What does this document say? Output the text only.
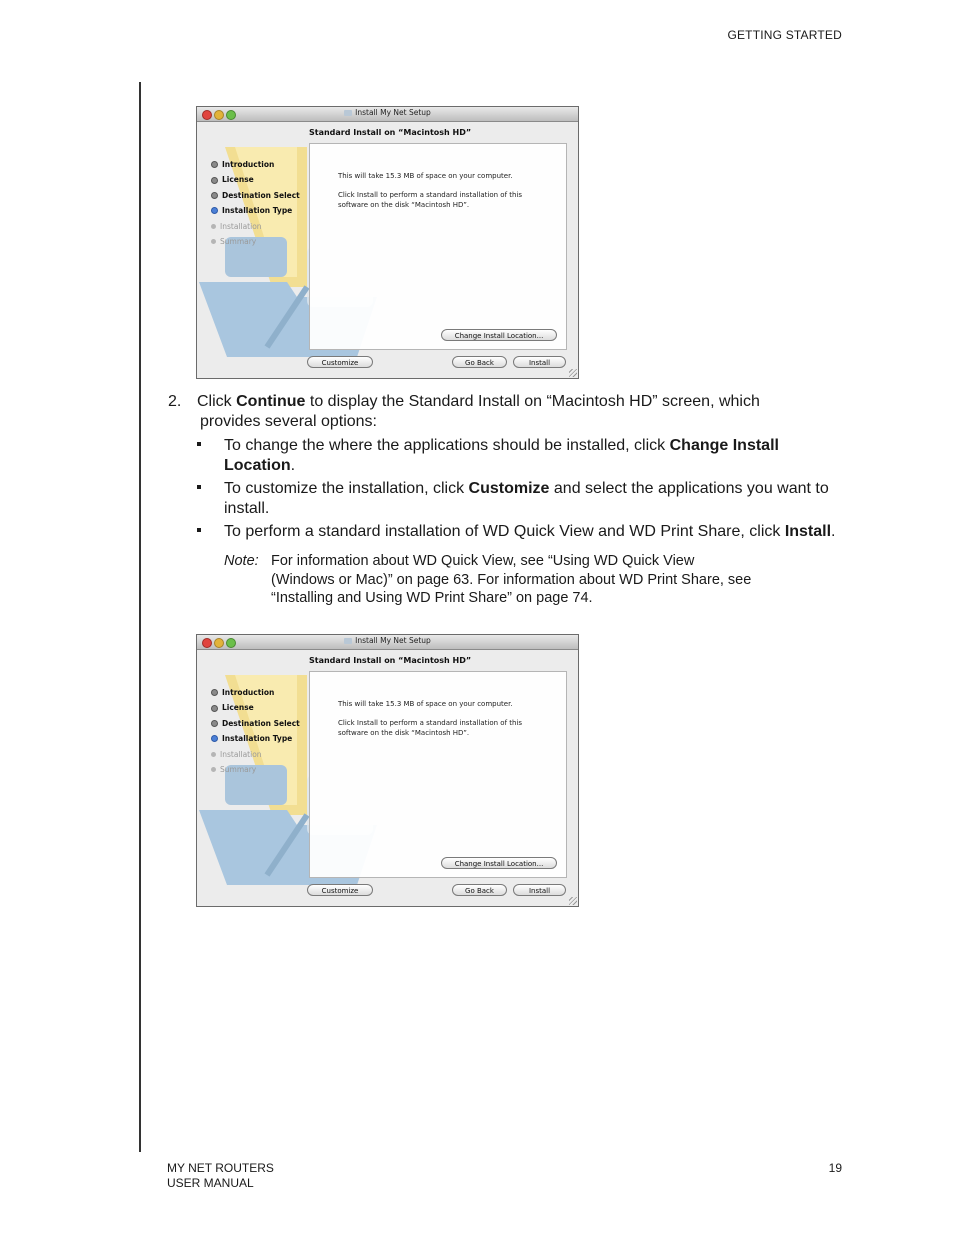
GETTING STARTED
Install My Net Setup
Standard Install on “Macintosh HD”
Introduction
License
Destination Select
Installation Type
Installation
Summary

This will take 15.3 MB of space on your computer.

Click Install to perform a standard installation of this software on the disk “Macintosh HD”.

Change Install Location...
Customize	Go Back	Install
2. Click Continue to display the Standard Install on “Macintosh HD” screen, which
provides several options:
To change the where the applications should be installed, click Change Install Location.
To customize the installation, click Customize and select the applications you want to install.
To perform a standard installation of WD Quick View and WD Print Share, click Install.
Note: For information about WD Quick View, see “Using WD Quick View
(Windows or Mac)” on page 63. For information about WD Print Share, see
“Installing and Using WD Print Share” on page 74.
Install My Net Setup
Standard Install on “Macintosh HD”
Introduction
License
Destination Select
Installation Type
Installation
Summary

This will take 15.3 MB of space on your computer.

Click Install to perform a standard installation of this software on the disk “Macintosh HD”.

Change Install Location...
Customize	Go Back	Install
MY NET ROUTERS
USER MANUAL
19
